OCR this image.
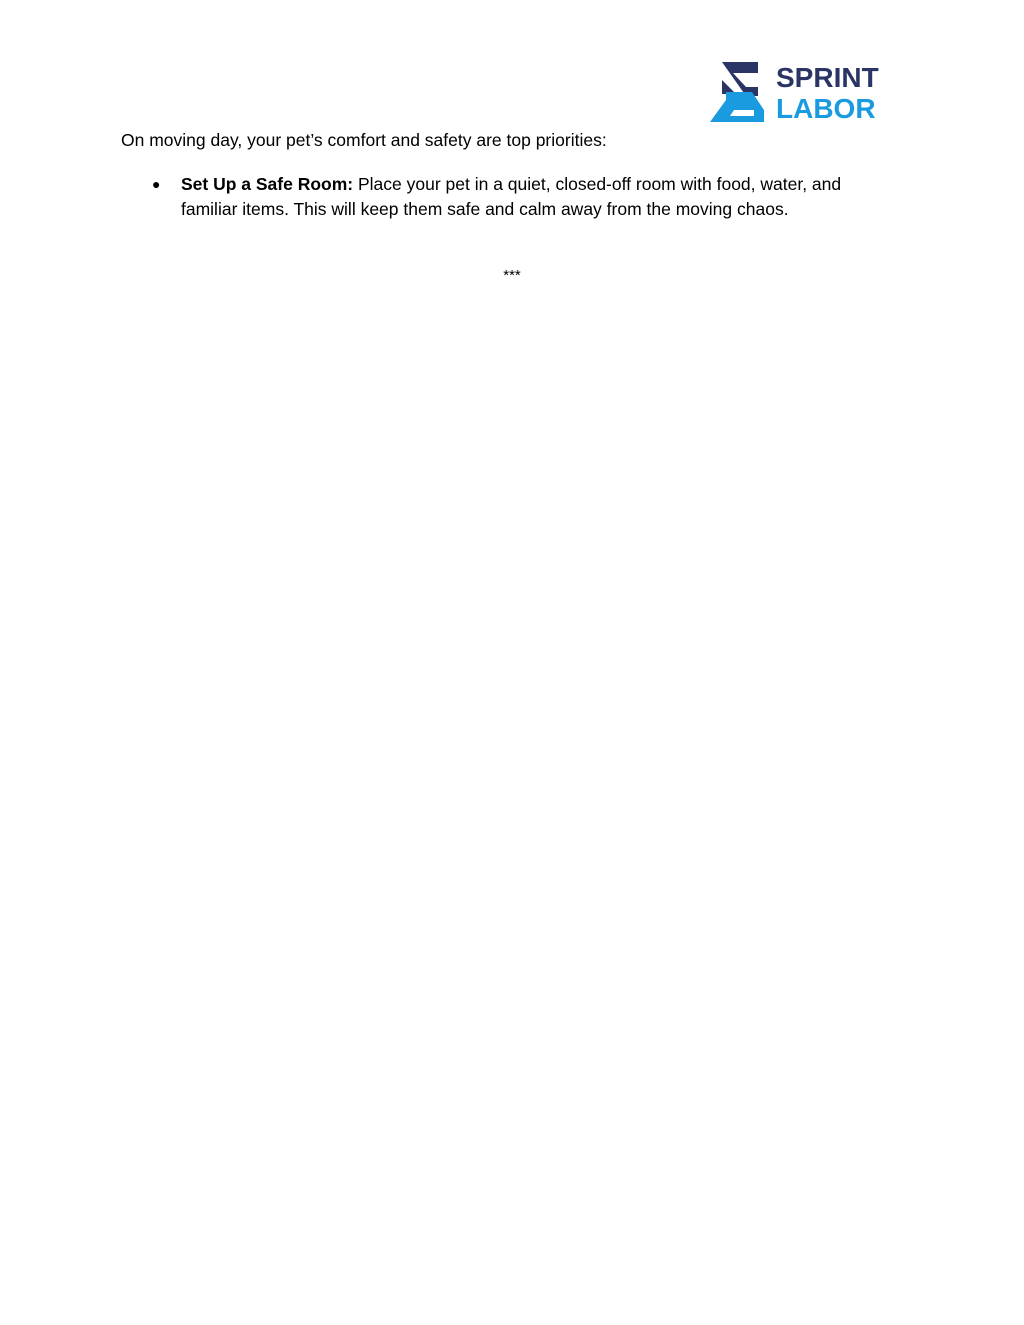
SPRINT
LABOR

On moving day, your pet’s comfort and safety are top priorities:

● Set Up a Safe Room: Place your pet in a quiet, closed-off room with food, water, and familiar items. This will keep them safe and calm away from the moving chaos.
***
